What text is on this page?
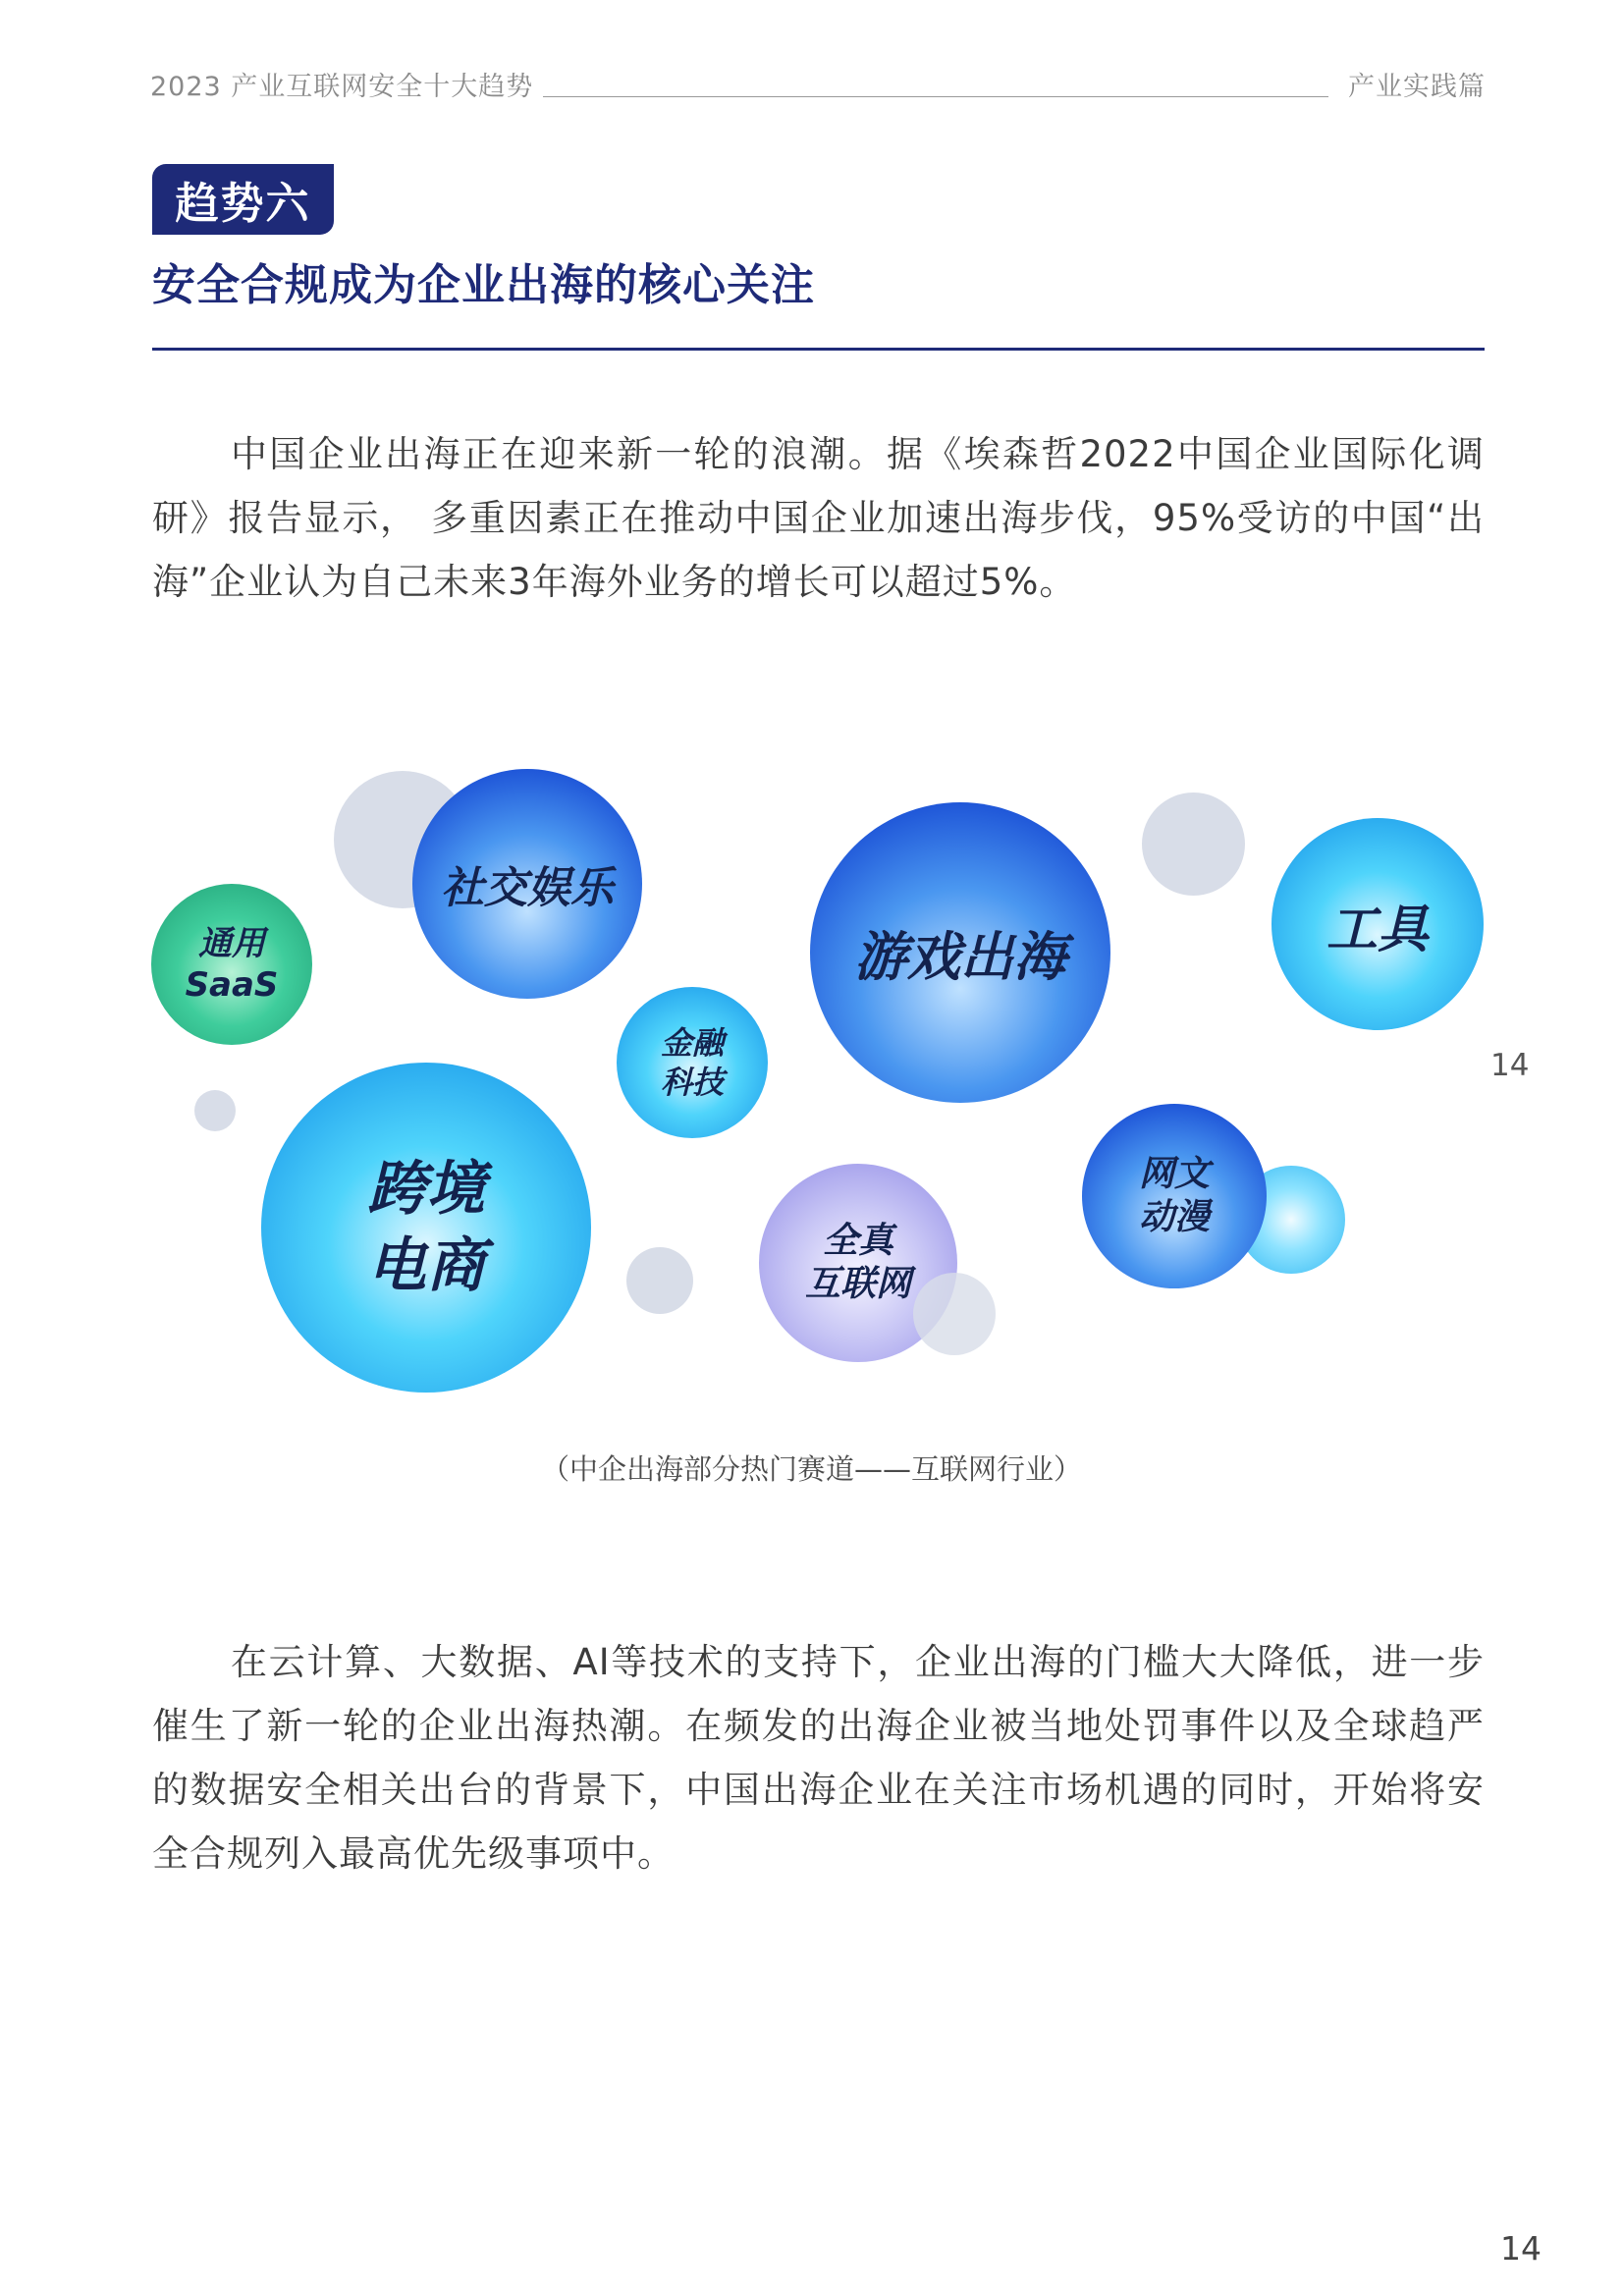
2023 产业互联网安全十大趋势	产业实践篇
趋势六
安全合规成为企业出海的核心关注
中国企业出海正在迎来新一轮的浪潮。据《埃森哲2022中国企业国际化调研》报告显示， 多重因素正在推动中国企业加速出海步伐，95%受访的中国“出海”企业认为自己未来3年海外业务的增长可以超过5%。
社交娱乐
通用
SaaS
金融
科技
跨境
电商
游戏出海	工具
全真
互联网
网文
动漫
14
（中企出海部分热门赛道——互联网行业）
在云计算、大数据、AI等技术的支持下，企业出海的门槛大大降低，进一步催生了新一轮的企业出海热潮。在频发的出海企业被当地处罚事件以及全球趋严的数据安全相关出台的背景下，中国出海企业在关注市场机遇的同时，开始将安全合规列入最高优先级事项中。
14
